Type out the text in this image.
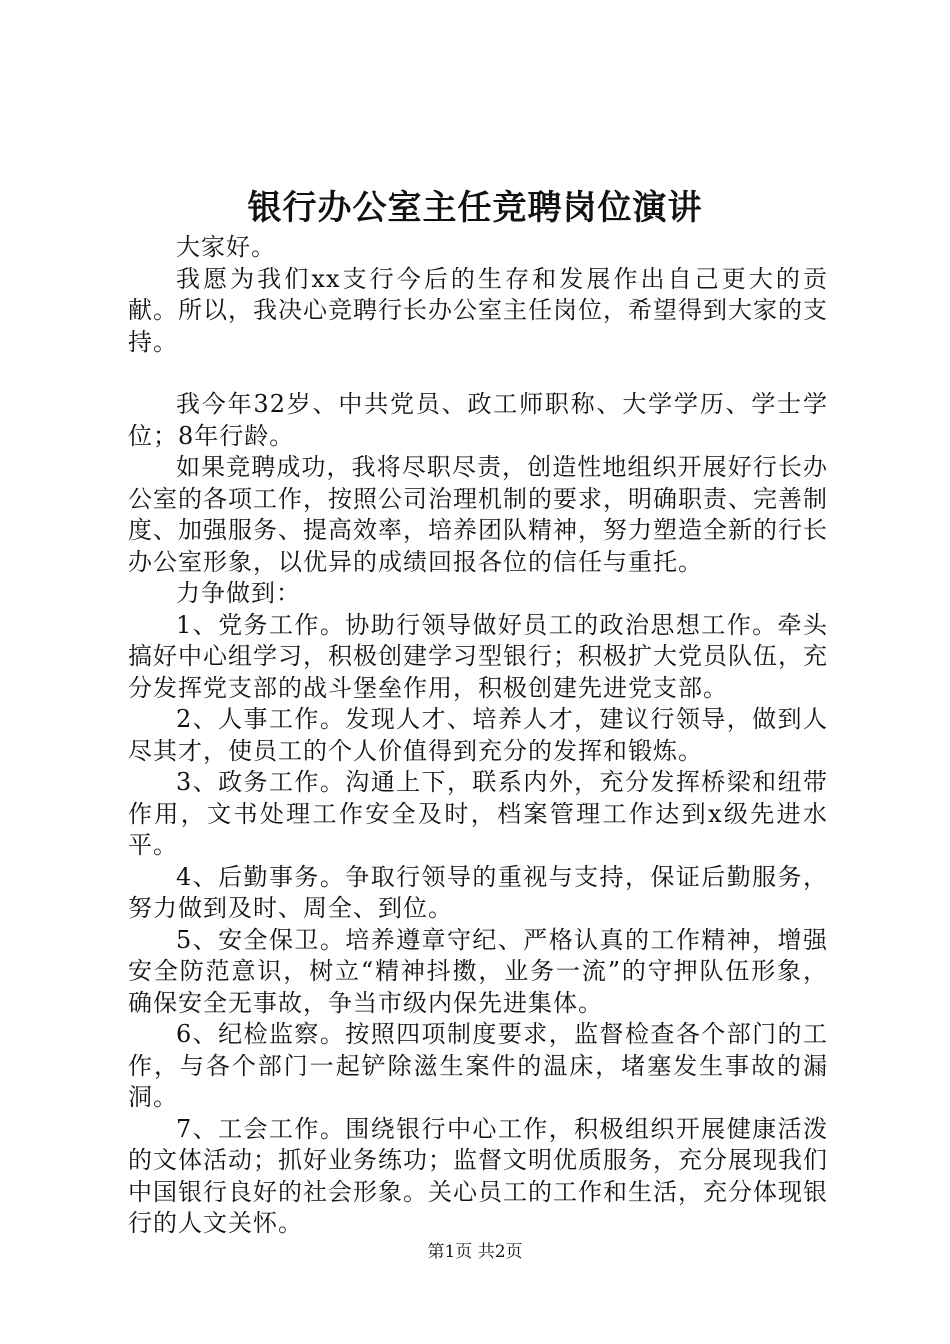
银行办公室主任竞聘岗位演讲

大家好。

我愿为我们xx支行今后的生存和发展作出自己更大的贡献。所以，我决心竞聘行长办公室主任岗位，希望得到大家的支持。

我今年32岁、中共党员、政工师职称、大学学历、学士学位；8年行龄。

如果竞聘成功，我将尽职尽责，创造性地组织开展好行长办公室的各项工作，按照公司治理机制的要求，明确职责、完善制度、加强服务、提高效率，培养团队精神，努力塑造全新的行长办公室形象，以优异的成绩回报各位的信任与重托。

力争做到：

1、党务工作。协助行领导做好员工的政治思想工作。牵头搞好中心组学习，积极创建学习型银行；积极扩大党员队伍，充分发挥党支部的战斗堡垒作用，积极创建先进党支部。

2、人事工作。发现人才、培养人才，建议行领导，做到人尽其才，使员工的个人价值得到充分的发挥和锻炼。

3、政务工作。沟通上下，联系内外，充分发挥桥梁和纽带作用，文书处理工作安全及时，档案管理工作达到x级先进水平。

4、后勤事务。争取行领导的重视与支持，保证后勤服务，努力做到及时、周全、到位。

5、安全保卫。培养遵章守纪、严格认真的工作精神，增强安全防范意识，树立“精神抖擞，业务一流”的守押队伍形象，确保安全无事故，争当市级内保先进集体。

6、纪检监察。按照四项制度要求，监督检查各个部门的工作，与各个部门一起铲除滋生案件的温床，堵塞发生事故的漏洞。

7、工会工作。围绕银行中心工作，积极组织开展健康活泼的文体活动；抓好业务练功；监督文明优质服务，充分展现我们中国银行良好的社会形象。关心员工的工作和生活，充分体现银行的人文关怀。

第1页 共2页
